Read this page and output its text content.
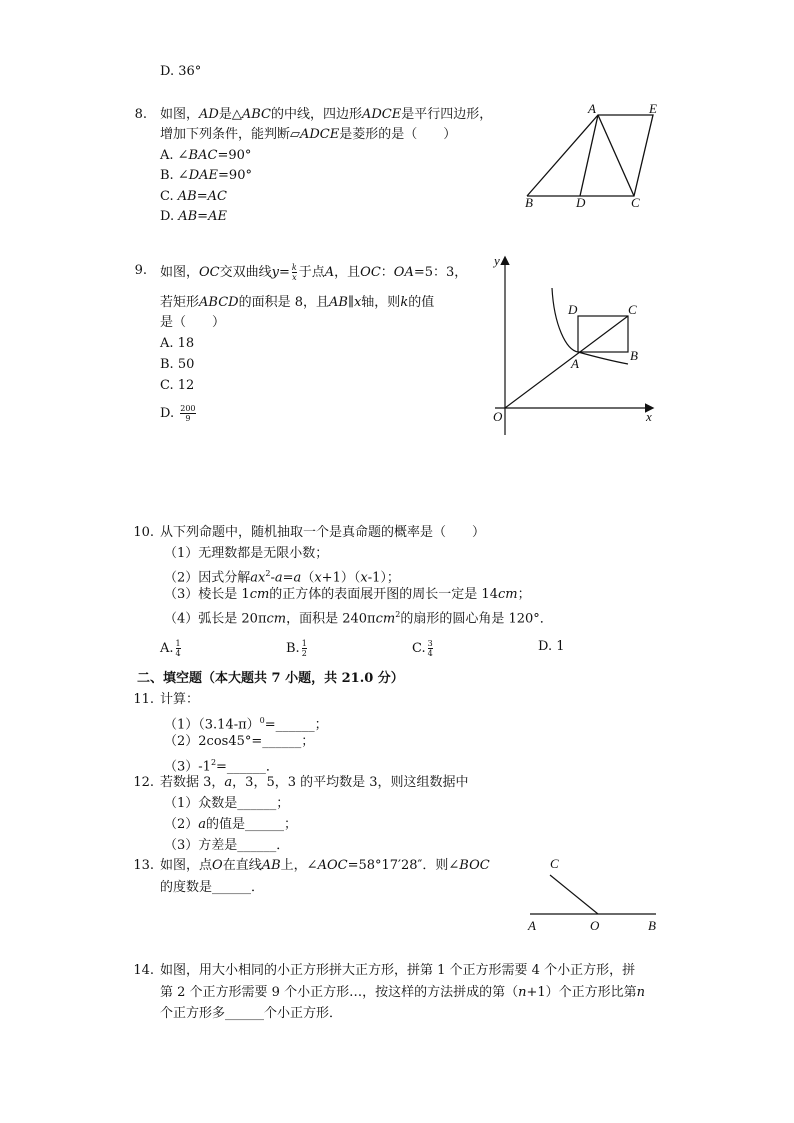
D. 36°
8. 如图，AD是△ABC的中线，四边形ADCE是平行四边形，
增加下列条件，能判断▱ADCE是菱形的是（　　）
A. ∠BAC=90°
B. ∠DAE=90°
C. AB=AC
D. AB=AE
A	E
B	D	C
9. 如图，OC交双曲线$y= \frac{k}{x}$ 于点A，且OC：OA=5：3，
若矩形ABCD的面积是 8，且AB∥x轴，则k的值
是（　　）
A. 18
B. 50
C. 12
D. $\frac{200}{9}$
y
x
O
D	C
A
B
10. 从下列命题中，随机抽取一个是真命题的概率是（　　）
（1）无理数都是无限小数；
（2）因式分解$ax^2-a=a(x+1)(x-1)$；
（3）棱长是 1cm的正方体的表面展开图的周长一定是 14cm；
（4）弧长是 20πcm，面积是 240πcm$^2$的扇形的圆心角是 120°．
A. $\frac{1}{4}$	B. $\frac{1}{2}$	C. $\frac{3}{4}$	D. 1
二、填空题（本大题共 7 小题，共 21.0 分）
11. 计算：
$(1)(3.14-\pi)^0=\_\_\_\_\_\_$；
（2）2cos45°=______；
$(3)-1^2=\_\_\_\_\_\_$．
12. 若数据 3，a，3，5，3 的平均数是 3，则这组数据中
（1）众数是______；
（2）a的值是______；
（3）方差是______．
13. 如图，点O在直线AB上，∠AOC=58°17′28″．则∠BOC
的度数是______．
C
A	O	B
14. 如图，用大小相同的小正方形拼大正方形，拼第 1 个正方形需要 4 个小正方形，拼
第 2 个正方形需要 9 个小正方形…，按这样的方法拼成的第（n+1）个正方形比第n
个正方形多______个小正方形．
